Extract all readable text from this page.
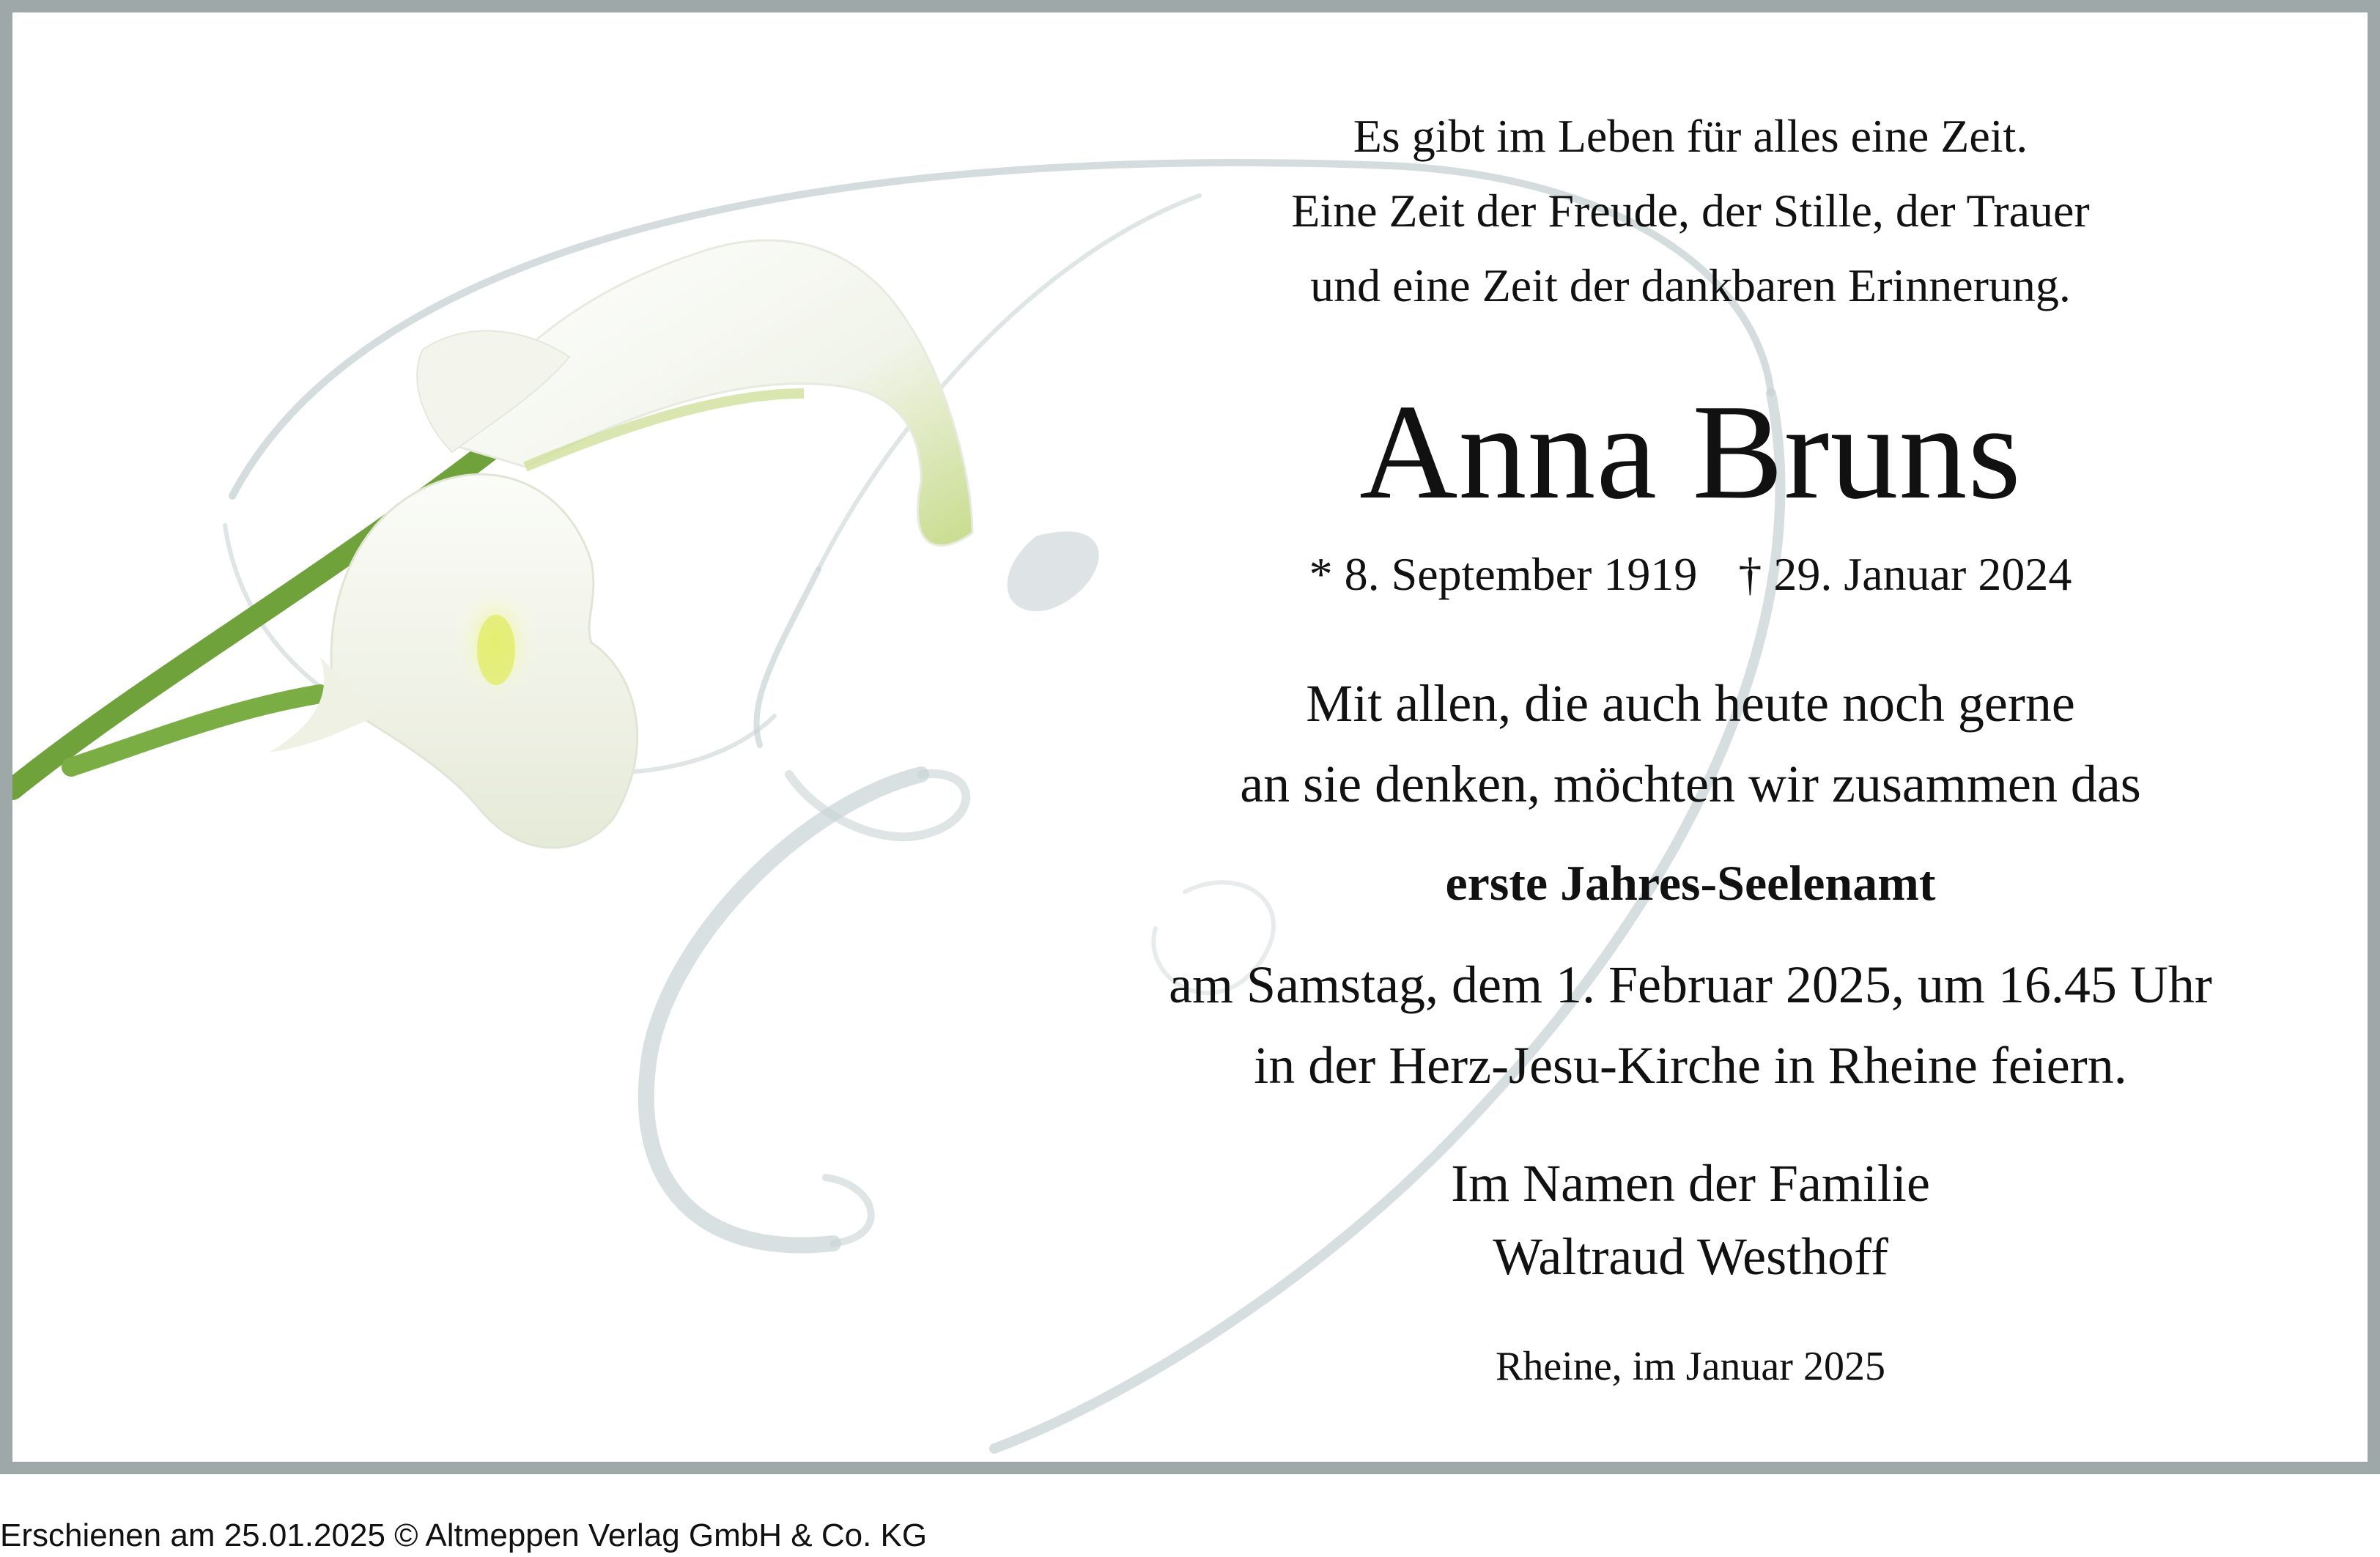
Es gibt im Leben für alles eine Zeit.
Eine Zeit der Freude, der Stille, der Trauer
und eine Zeit der dankbaren Erinnerung.
Anna Bruns
* 8. September 1919 † 29. Januar 2024
Mit allen, die auch heute noch gerne
an sie denken, möchten wir zusammen das
erste Jahres-Seelenamt
am Samstag, dem 1. Februar 2025, um 16.45 Uhr
in der Herz-Jesu-Kirche in Rheine feiern.
Im Namen der Familie
Waltraud Westhoff
Rheine, im Januar 2025
Erschienen am 25.01.2025 © Altmeppen Verlag GmbH & Co. KG
